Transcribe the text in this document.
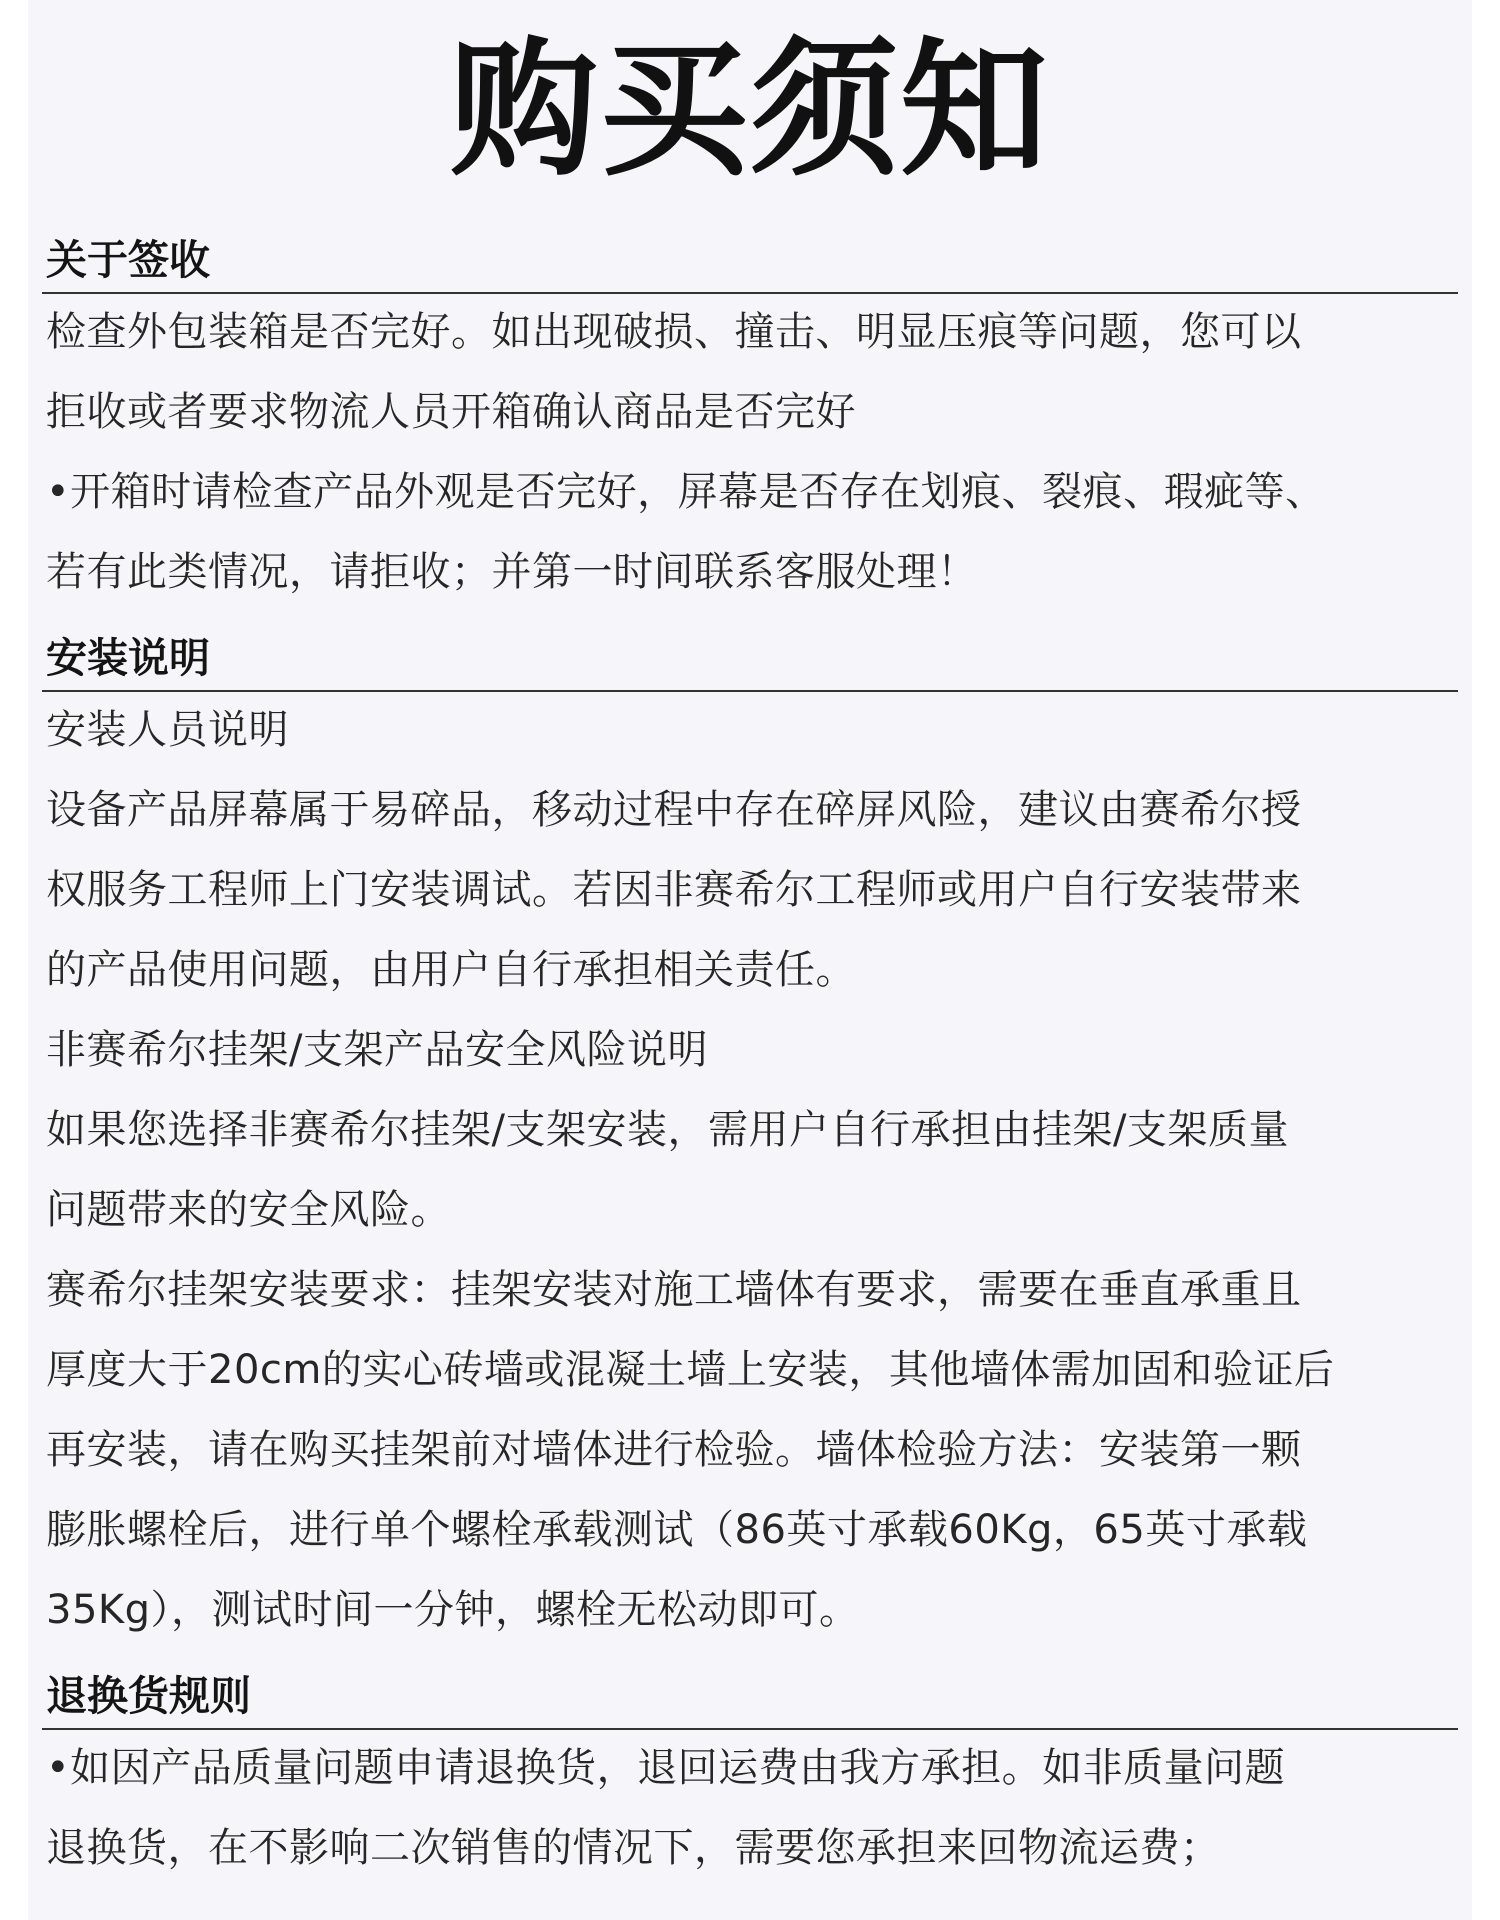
购买须知
关于签收

检查外包装箱是否完好。如出现破损、撞击、明显压痕等问题，您可以

拒收或者要求物流人员开箱确认商品是否完好

•开箱时请检查产品外观是否完好，屏幕是否存在划痕、裂痕、瑕疵等、

若有此类情况，请拒收；并第一时间联系客服处理！

安装说明

安装人员说明

设备产品屏幕属于易碎品，移动过程中存在碎屏风险，建议由赛希尔授

权服务工程师上门安装调试。若因非赛希尔工程师或用户自行安装带来

的产品使用问题，由用户自行承担相关责任。

非赛希尔挂架/支架产品安全风险说明

如果您选择非赛希尔挂架/支架安装，需用户自行承担由挂架/支架质量

问题带来的安全风险。

赛希尔挂架安装要求：挂架安装对施工墙体有要求，需要在垂直承重且

厚度大于20cm的实心砖墙或混凝土墙上安装，其他墙体需加固和验证后

再安装，请在购买挂架前对墙体进行检验。墙体检验方法：安装第一颗

膨胀螺栓后，进行单个螺栓承载测试（86英寸承载60Kg，65英寸承载

35Kg），测试时间一分钟，螺栓无松动即可。

退换货规则

•如因产品质量问题申请退换货，退回运费由我方承担。如非质量问题

退换货，在不影响二次销售的情况下，需要您承担来回物流运费；
